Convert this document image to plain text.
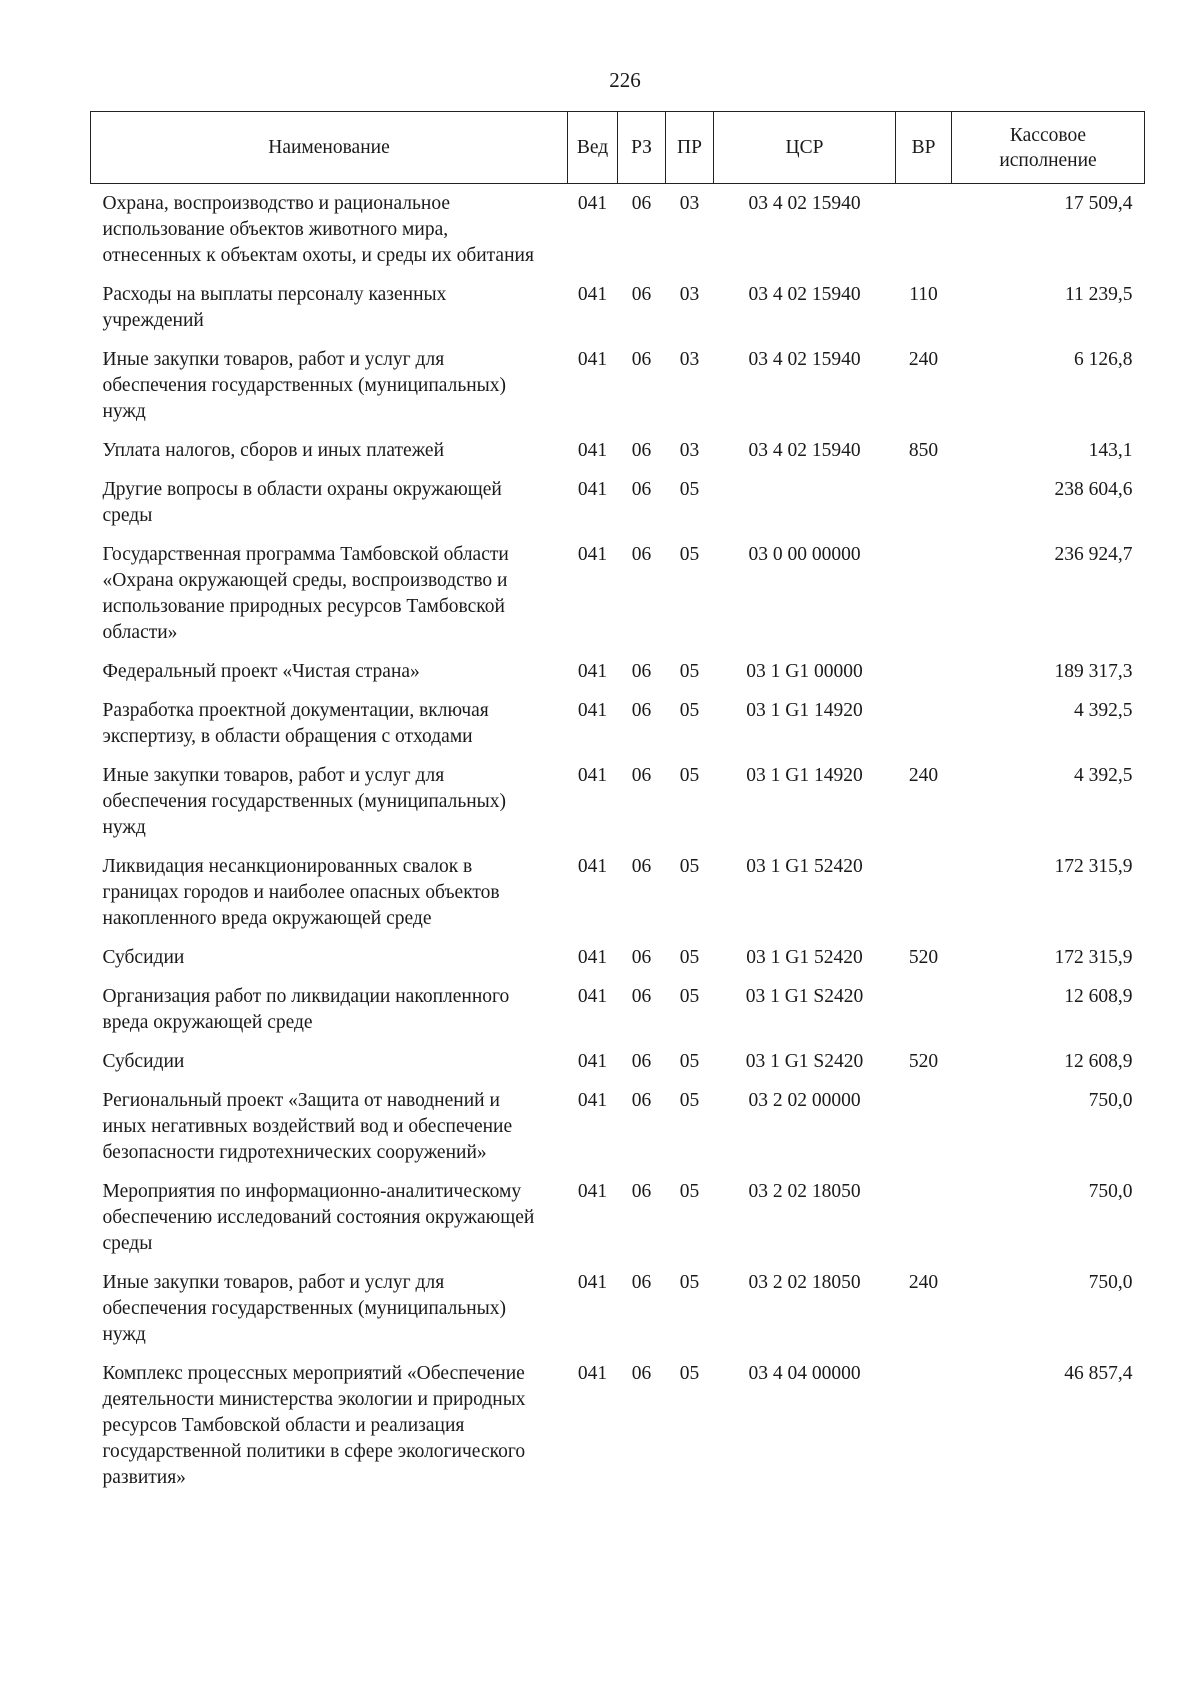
226
Наименование	Вед	РЗ	ПР	ЦСР	ВР	Кассовое исполнение
Охрана, воспроизводство и рациональное использование объектов животного мира, отнесенных к объектам охоты, и среды их обитания	041	06	03	03 4 02 15940		17 509,4
Расходы на выплаты персоналу казенных учреждений	041	06	03	03 4 02 15940	110	11 239,5
Иные закупки товаров, работ и услуг для обеспечения государственных (муниципальных) нужд	041	06	03	03 4 02 15940	240	6 126,8
Уплата налогов, сборов и иных платежей	041	06	03	03 4 02 15940	850	143,1
Другие вопросы в области охраны окружающей среды	041	06	05			238 604,6
Государственная программа Тамбовской области «Охрана окружающей среды, воспроизводство и использование природных ресурсов Тамбовской области»	041	06	05	03 0 00 00000		236 924,7
Федеральный проект «Чистая страна»	041	06	05	03 1 G1 00000		189 317,3
Разработка проектной документации, включая экспертизу, в области обращения с отходами	041	06	05	03 1 G1 14920		4 392,5
Иные закупки товаров, работ и услуг для обеспечения государственных (муниципальных) нужд	041	06	05	03 1 G1 14920	240	4 392,5
Ликвидация несанкционированных свалок в границах городов и наиболее опасных объектов накопленного вреда окружающей среде	041	06	05	03 1 G1 52420		172 315,9
Субсидии	041	06	05	03 1 G1 52420	520	172 315,9
Организация работ по ликвидации накопленного вреда окружающей среде	041	06	05	03 1 G1 S2420		12 608,9
Субсидии	041	06	05	03 1 G1 S2420	520	12 608,9
Региональный проект «Защита от наводнений и иных негативных воздействий вод и обеспечение безопасности гидротехнических сооружений»	041	06	05	03 2 02 00000		750,0
Мероприятия по информационно-аналитическому обеспечению исследований состояния окружающей среды	041	06	05	03 2 02 18050		750,0
Иные закупки товаров, работ и услуг для обеспечения государственных (муниципальных) нужд	041	06	05	03 2 02 18050	240	750,0
Комплекс процессных мероприятий «Обеспечение деятельности министерства экологии и природных ресурсов Тамбовской области и реализация государственной политики в сфере экологического развития»	041	06	05	03 4 04 00000		46 857,4
